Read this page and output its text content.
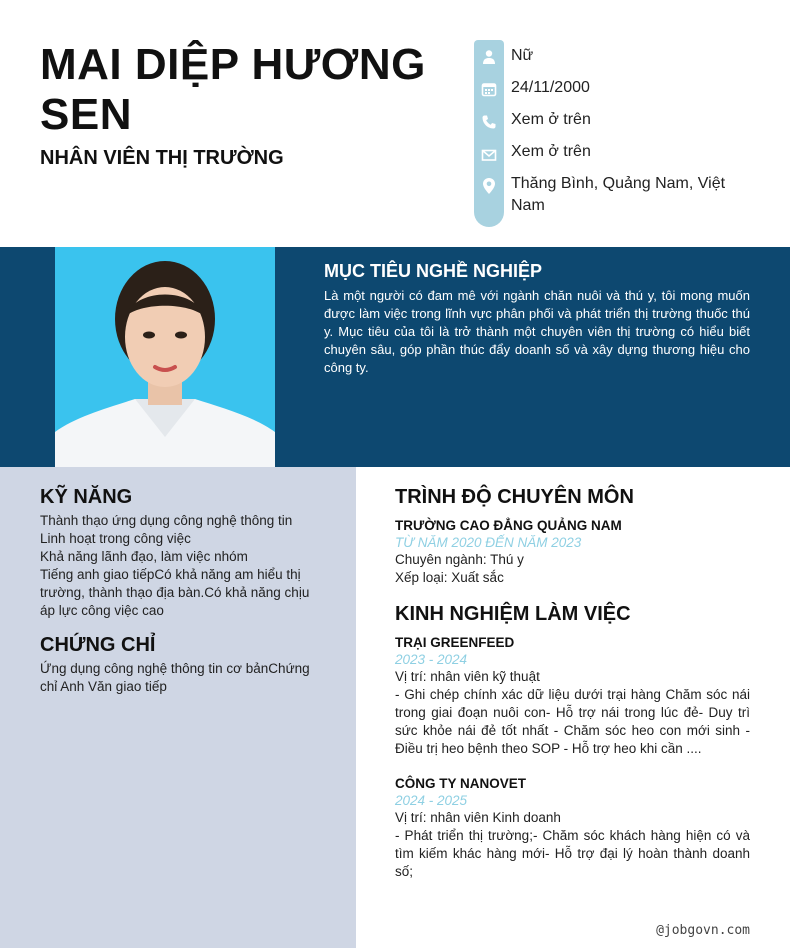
MAI DIỆP HƯƠNG SEN
NHÂN VIÊN THỊ TRƯỜNG
Nữ
24/11/2000
Xem ở trên
Xem ở trên
Thăng Bình, Quảng Nam, Việt Nam
MỤC TIÊU NGHỀ NGHIỆP
Là một người có đam mê với ngành chăn nuôi và thú y, tôi mong muốn được làm việc trong lĩnh vực phân phối và phát triển thị trường thuốc thú y. Mục tiêu của tôi là trở thành một chuyên viên thị trường có hiểu biết chuyên sâu, góp phần thúc đẩy doanh số và xây dựng thương hiệu cho công ty.
KỸ NĂNG
Thành thạo ứng dụng công nghệ thông tin
Linh hoạt trong công việc
Khả năng lãnh đạo, làm việc nhóm
Tiếng anh giao tiếpCó khả năng am hiểu thị trường, thành thạo địa bàn.Có khả năng chịu áp lực công việc cao
CHỨNG CHỈ
Ứng dụng công nghệ thông tin cơ bảnChứng chỉ Anh Văn giao tiếp
TRÌNH ĐỘ CHUYÊN MÔN
TRƯỜNG CAO ĐẲNG QUẢNG NAM
TỪ NĂM 2020 ĐẾN NĂM 2023
Chuyên ngành: Thú y
Xếp loại: Xuất sắc
KINH NGHIỆM LÀM VIỆC
TRẠI GREENFEED
2023 - 2024
Vị trí: nhân viên kỹ thuật
- Ghi chép chính xác dữ liệu dưới trại hàng Chăm sóc nái trong giai đoạn nuôi con- Hỗ trợ nái trong lúc đẻ- Duy trì sức khỏe nái đẻ tốt nhất - Chăm sóc heo con mới sinh - Điều trị heo bệnh theo SOP - Hỗ trợ heo khi cần ....
CÔNG TY NANOVET
2024 - 2025
Vị trí: nhân viên Kinh doanh
- Phát triển thị trường;- Chăm sóc khách hàng hiện có và tìm kiếm khác hàng mới- Hỗ trợ đại lý hoàn thành doanh số;
@jobgovn.com
